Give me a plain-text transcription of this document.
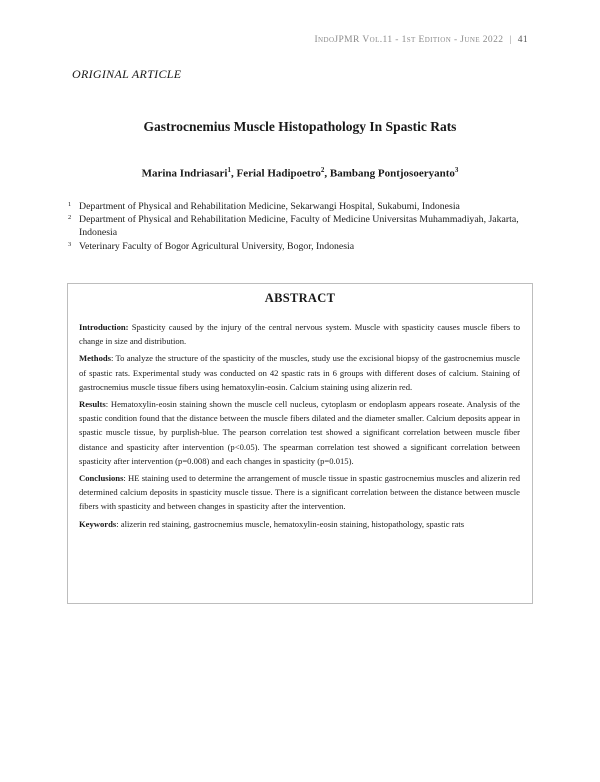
IndoJPMR Vol.11 - 1st Edition - June 2022 | 41
ORIGINAL ARTICLE
Gastrocnemius Muscle Histopathology In Spastic Rats
Marina Indriasari$^1$, Ferial Hadipoetro$^2$, Bambang Pontjosoeryanto$^3$
1 Department of Physical and Rehabilitation Medicine, Sekarwangi Hospital, Sukabumi, Indonesia
2 Department of Physical and Rehabilitation Medicine, Faculty of Medicine Universitas Muhammadiyah, Jakarta, Indonesia
3 Veterinary Faculty of Bogor Agricultural University, Bogor, Indonesia
ABSTRACT

Introduction: Spasticity caused by the injury of the central nervous system. Muscle with spasticity causes muscle fibers to change in size and distribution.

Methods: To analyze the structure of the spasticity of the muscles, study use the excisional biopsy of the gastrocnemius muscle of spastic rats. Experimental study was conducted on 42 spastic rats in 6 groups with different doses of calcium. Staining of gastrocnemius muscle tissue fibers using hematoxylin-eosin. Calcium staining using alizerin red.

Results: Hematoxylin-eosin staining shown the muscle cell nucleus, cytoplasm or endoplasm appears roseate. Analysis of the spastic condition found that the distance between the muscle fibers dilated and the diameter smaller. Calcium deposits appear in spastic muscle tissue, by purplish-blue. The pearson correlation test showed a significant correlation between muscle fiber distance and spasticity after intervention (p<0.05). The spearman correlation test showed a significant correlation between spasticity after intervention (p=0.008) and each changes in spasticity (p=0.015).

Conclusions: HE staining used to determine the arrangement of muscle tissue in spastic gastrocnemius muscles and alizerin red determined calcium deposits in spasticity muscle tissue. There is a significant correlation between the distance between muscle fibers with spasticity and between changes in spasticity after the intervention.

Keywords: alizerin red staining, gastrocnemius muscle, hematoxylin-eosin staining, histopathology, spastic rats
